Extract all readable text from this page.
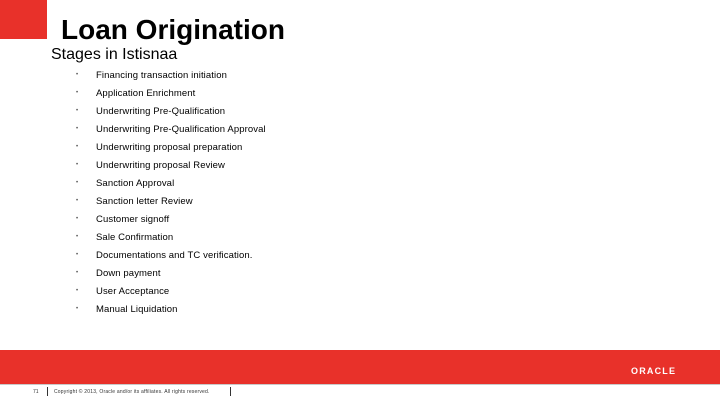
Loan Origination
Stages in Istisnaa
• Financing transaction initiation
• Application Enrichment
• Underwriting Pre-Qualification
• Underwriting Pre-Qualification Approval
• Underwriting proposal preparation
• Underwriting proposal Review
• Sanction Approval
• Sanction letter Review
• Customer signoff
• Sale Confirmation
• Documentations and TC verification.
• Down payment
• User Acceptance
• Manual Liquidation
ORACLE
71	Copyright © 2013, Oracle and/or its affiliates. All rights reserved.
